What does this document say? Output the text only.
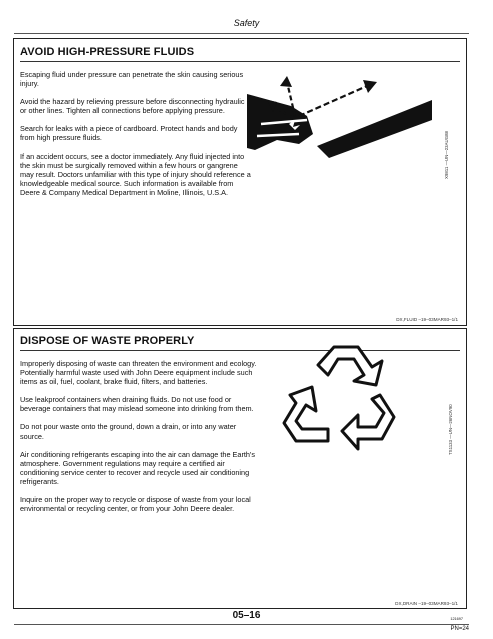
Safety
AVOID HIGH-PRESSURE FLUIDS

Escaping fluid under pressure can penetrate the skin causing serious injury.

Avoid the hazard by relieving pressure before disconnecting hydraulic or other lines. Tighten all connections before applying pressure.

Search for leaks with a piece of cardboard. Protect hands and body from high pressure fluids.

If an accident occurs, see a doctor immediately. Any fluid injected into the skin must be surgically removed within a few hours or gangrene may result. Doctors unfamiliar with this type of injury should reference a knowledgeable medical source. Such information is available from Deere & Company Medical Department in Moline, Illinois, U.S.A.

X9811 —UN—23AUG88
DX,FLUID –19–03MAR93–1/1
DISPOSE OF WASTE PROPERLY

Improperly disposing of waste can threaten the environment and ecology. Potentially harmful waste used with John Deere equipment include such items as oil, fuel, coolant, brake fluid, filters, and batteries.

Use leakproof containers when draining fluids. Do not use food or beverage containers that may mislead someone into drinking from them.

Do not pour waste onto the ground, down a drain, or into any water source.

Air conditioning refrigerants escaping into the air can damage the Earth's atmosphere. Government regulations may require a certified air conditioning service center to recover and recycle used air conditioning refrigerants.

Inquire on the proper way to recycle or dispose of waste from your local environmental or recycling center, or from your John Deere dealer.

TS1133 —UN—26NOV90
DX,DRAIN –19–03MAR93–1/1
05–16	121697
PN=24
